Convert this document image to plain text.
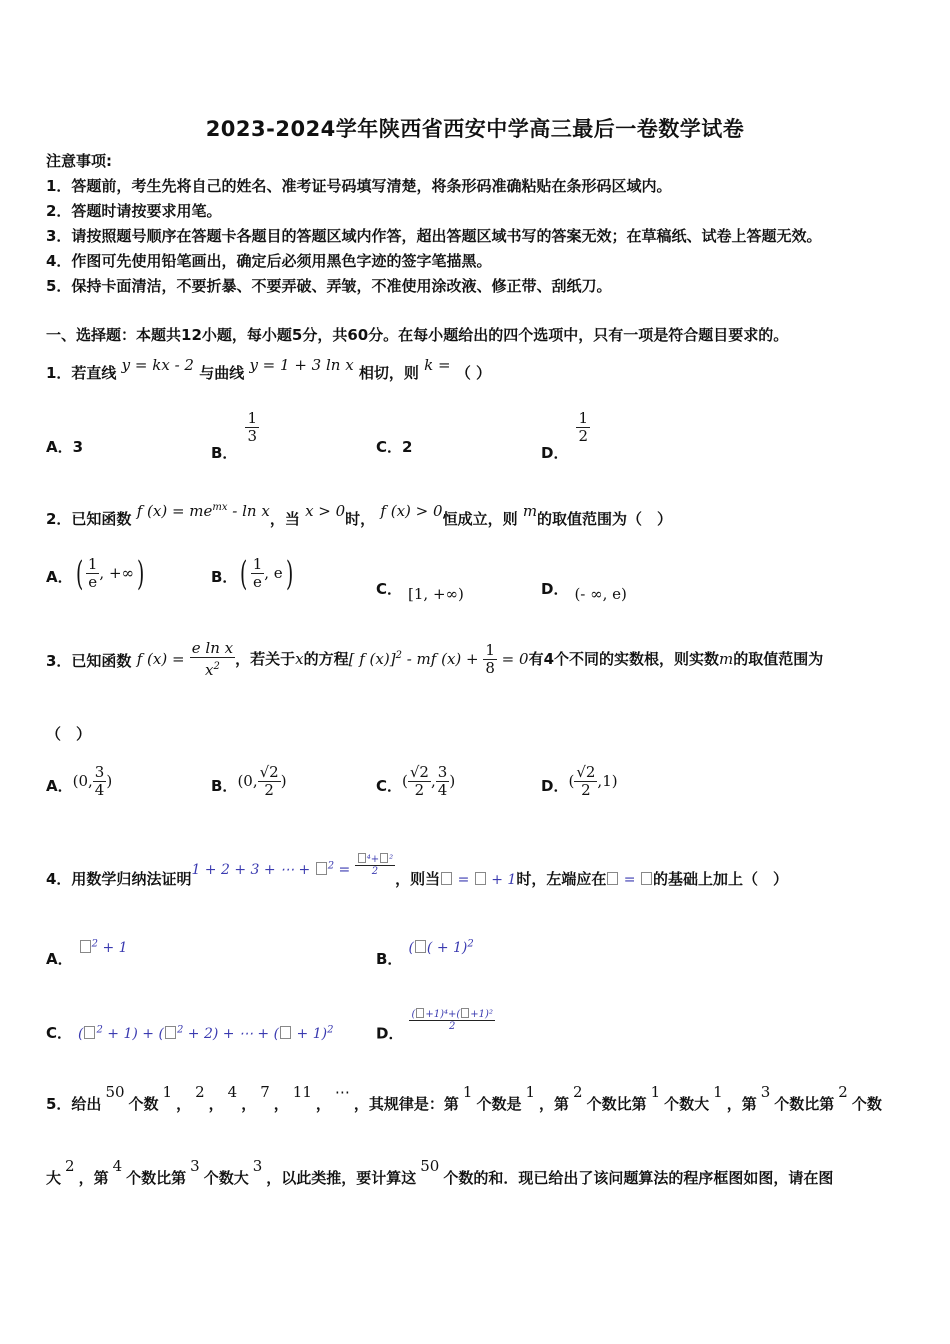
2023-2024学年陕西省西安中学高三最后一卷数学试卷
注意事项:
1．答题前，考生先将自己的姓名、准考证号码填写清楚，将条形码准确粘贴在条形码区域内。
2．答题时请按要求用笔。
3．请按照题号顺序在答题卡各题目的答题区域内作答，超出答题区域书写的答案无效；在草稿纸、试卷上答题无效。
4．作图可先使用铅笔画出，确定后必须用黑色字迹的签字笔描黑。
5．保持卡面清洁，不要折暴、不要弄破、弄皱，不准使用涂改液、修正带、刮纸刀。
一、选择题：本题共12小题，每小题5分，共60分。在每小题给出的四个选项中，只有一项是符合题目要求的。
1．若直线 y = kx - 2 与曲线 y = 1 + 3 ln x 相切，则 k = （ ）
A．3	B．
$\frac{1}{3}$
C．2	D．
$\frac{1}{2}$
2．已知函数 f $(x) = me^{mx} - \ln x$，当 x > 0时， f (x) > 0恒成立，则 m的取值范围为（　）
A．( $\frac{1}{e}$ , +∞)	B．( $\frac{1}{e}$ , e)	C． [1, +∞)	D． (- ∞, e)
3．已知函数 f $(x) = \frac{\text{e ln x}}{x^2}$ ，若关于x的方程[ f (x)]$^2$ - mf $(x) + \frac{1}{8} = 0$有4个不同的实数根，则实数m的取值范围为
（　）
A．(0, $\frac{3}{4}$ )	B．(0, $\frac{√2}{2}$ )	C．( $\frac{√2}{2}$ , $\frac{3}{4}$ )	D．( $\frac{√2}{2} ,1$)
4．用数学归纳法证明1 + 2 + 3 + ⋯ + $^2 = \frac{\text{⁴+ ²}}{2}$
，则当 =  + 1时，左端应在 = 的基础上加上（　）
A．$^2$ + 1
B．( ( + 1)$^2$
C． ( $^2$ + 1) + ( $^2$ + 2) + ⋯ + ( + 1)$^2$	D．
$\frac{\text{( +1)⁴+( +1)²}}{2}$
5．给出50个数1，2，4，7，11，⋯，其规律是：第1个数是1，第2个数比第1个数大1，第3个数比第2个数
大2，第4个数比第3个数大3，以此类推，要计算这50个数的和．现已给出了该问题算法的程序框图如图，请在图
